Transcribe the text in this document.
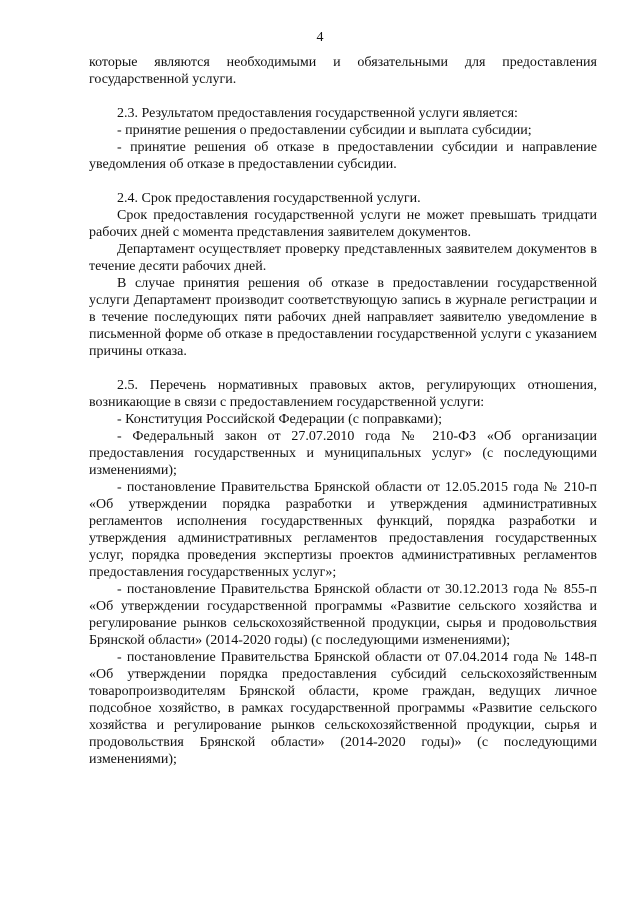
4

которые являются необходимыми и обязательными для предоставления государственной услуги.

2.3. Результатом предоставления государственной услуги является:

- принятие решения о предоставлении субсидии и выплата субсидии;

- принятие решения об отказе в предоставлении субсидии и направление уведомления об отказе в предоставлении субсидии.

2.4. Срок предоставления государственной услуги.

Срок предоставления государственной услуги не может превышать тридцати рабочих дней с момента представления заявителем документов.

Департамент осуществляет проверку представленных заявителем документов в течение десяти рабочих дней.

В случае принятия решения об отказе в предоставлении государственной услуги Департамент производит соответствующую запись в журнале регистрации и в течение последующих пяти рабочих дней направляет заявителю уведомление в письменной форме об отказе в предоставлении государственной услуги с указанием причины отказа.

2.5. Перечень нормативных правовых актов, регулирующих отношения, возникающие в связи с предоставлением государственной услуги:

- Конституция Российской Федерации (с поправками);

- Федеральный закон от 27.07.2010 года № 210-ФЗ «Об организации предоставления государственных и муниципальных услуг» (с последующими изменениями);

- постановление Правительства Брянской области от 12.05.2015 года № 210-п «Об утверждении порядка разработки и утверждения административных регламентов исполнения государственных функций, порядка разработки и утверждения административных регламентов предоставления государственных услуг, порядка проведения экспертизы проектов административных регламентов предоставления государственных услуг»;

- постановление Правительства Брянской области от 30.12.2013 года № 855-п «Об утверждении государственной программы «Развитие сельского хозяйства и регулирование рынков сельскохозяйственной продукции, сырья и продовольствия Брянской области» (2014-2020 годы) (с последующими изменениями);

- постановление Правительства Брянской области от 07.04.2014 года № 148-п «Об утверждении порядка предоставления субсидий сельскохозяйственным товаропроизводителям Брянской области, кроме граждан, ведущих личное подсобное хозяйство, в рамках государственной программы «Развитие сельского хозяйства и регулирование рынков сельскохозяйственной продукции, сырья и продовольствия Брянской области» (2014-2020 годы)» (с последующими изменениями);
